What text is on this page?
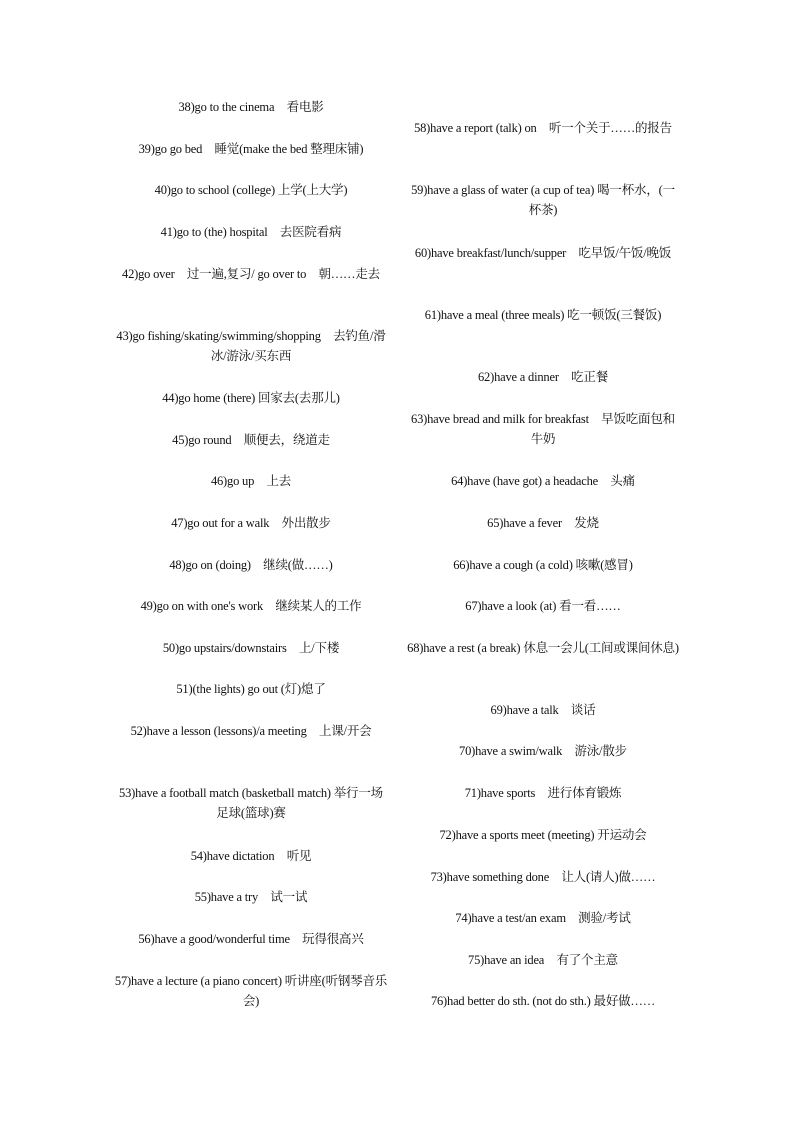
38)go to the cinema　看电影
39)go go bed　睡觉(make the bed 整理床铺)
40)go to school (college) 上学(上大学)
41)go to (the) hospital　去医院看病
42)go over　过一遍,复习/ go over to　朝……走去
43)go fishing/skating/swimming/shopping　去钓鱼/滑冰/游泳/买东西
44)go home (there) 回家去(去那儿)
45)go round　顺便去，绕道走
46)go up　上去
47)go out for a walk　外出散步
48)go on (doing)　继续(做……)
49)go on with one's work　继续某人的工作
50)go upstairs/downstairs　上/下楼
51)(the lights) go out (灯)熄了
52)have a lesson (lessons)/a meeting　上课/开会
53)have a football match (basketball match) 举行一场足球(篮球)赛
54)have dictation　听见
55)have a try　试一试
56)have a good/wonderful time　玩得很高兴
57)have a lecture (a piano concert) 听讲座(听钢琴音乐会)
58)have a report (talk) on　听一个关于……的报告
59)have a glass of water (a cup of tea) 喝一杯水，(一杯茶)
60)have breakfast/lunch/supper　吃早饭/午饭/晚饭
61)have a meal (three meals) 吃一顿饭(三餐饭)
62)have a dinner　吃正餐
63)have bread and milk for breakfast　早饭吃面包和牛奶
64)have (have got) a headache　头痛
65)have a fever　发烧
66)have a cough (a cold) 咳嗽(感冒)
67)have a look (at) 看一看……
68)have a rest (a break) 休息一会儿(工间或课间休息)
69)have a talk　谈话
70)have a swim/walk　游泳/散步
71)have sports　进行体育锻炼
72)have a sports meet (meeting) 开运动会
73)have something done　让人(请人)做……
74)have a test/an exam　测验/考试
75)have an idea　有了个主意
76)had better do sth. (not do sth.) 最好做……
